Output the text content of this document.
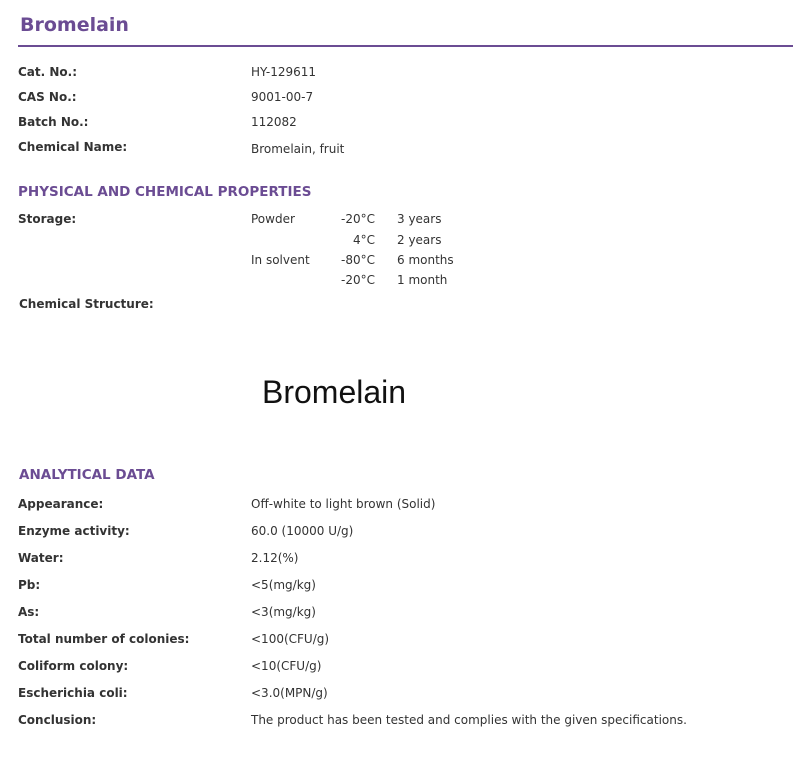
Bromelain
Cat. No.:	HY-129611
CAS No.:	9001-00-7
Batch No.:	112082
Chemical Name:	Bromelain, fruit
PHYSICAL AND CHEMICAL PROPERTIES
Storage:	Powder	-20°C 3 years
4°C 2 years
In solvent	-80°C 6 months
-20°C 1 month
Chemical Structure:
Bromelain
ANALYTICAL DATA
Appearance:	Off-white to light brown (Solid)
Enzyme activity:	60.0 (10000 U/g)
Water:	2.12(%)
Pb:	<5(mg/kg)
As:	<3(mg/kg)
Total number of colonies:	<100(CFU/g)
Coliform colony:	<10(CFU/g)
Escherichia coli:	<3.0(MPN/g)
Conclusion:	The product has been tested and complies with the given specifications.
